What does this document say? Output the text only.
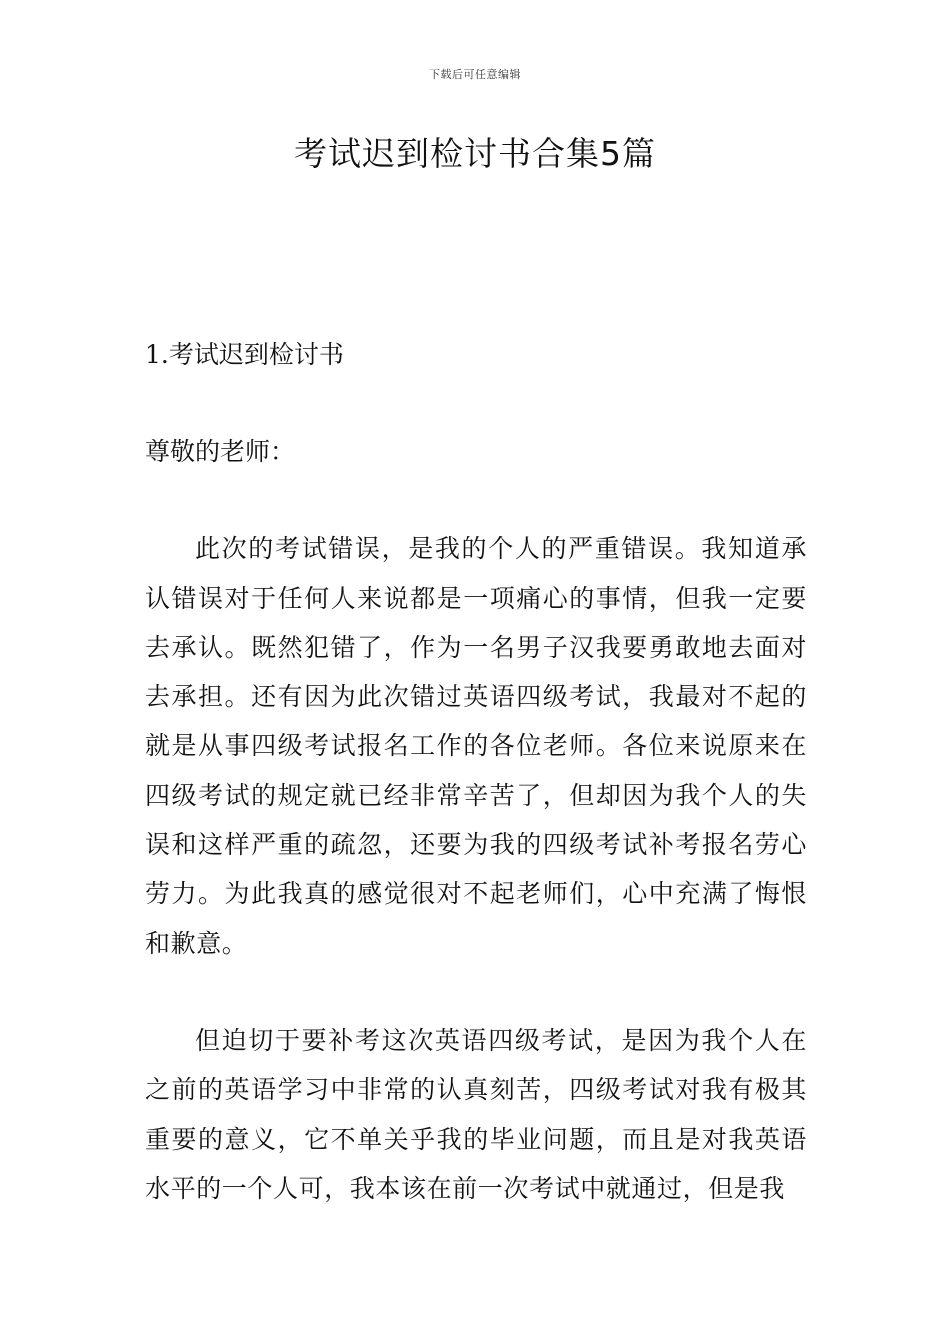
下载后可任意编辑
考试迟到检讨书合集5篇

1.考试迟到检讨书

尊敬的老师：

此次的考试错误，是我的个人的严重错误。我知道承认错误对于任何人来说都是一项痛心的事情，但我一定要去承认。既然犯错了，作为一名男子汉我要勇敢地去面对去承担。还有因为此次错过英语四级考试，我最对不起的就是从事四级考试报名工作的各位老师。各位来说原来在四级考试的规定就已经非常辛苦了，但却因为我个人的失误和这样严重的疏忽，还要为我的四级考试补考报名劳心劳力。为此我真的感觉很对不起老师们，心中充满了悔恨和歉意。

但迫切于要补考这次英语四级考试，是因为我个人在之前的英语学习中非常的认真刻苦，四级考试对我有极其重要的意义，它不单关乎我的毕业问题，而且是对我英语水平的一个人可，我本该在前一次考试中就通过，但是我
